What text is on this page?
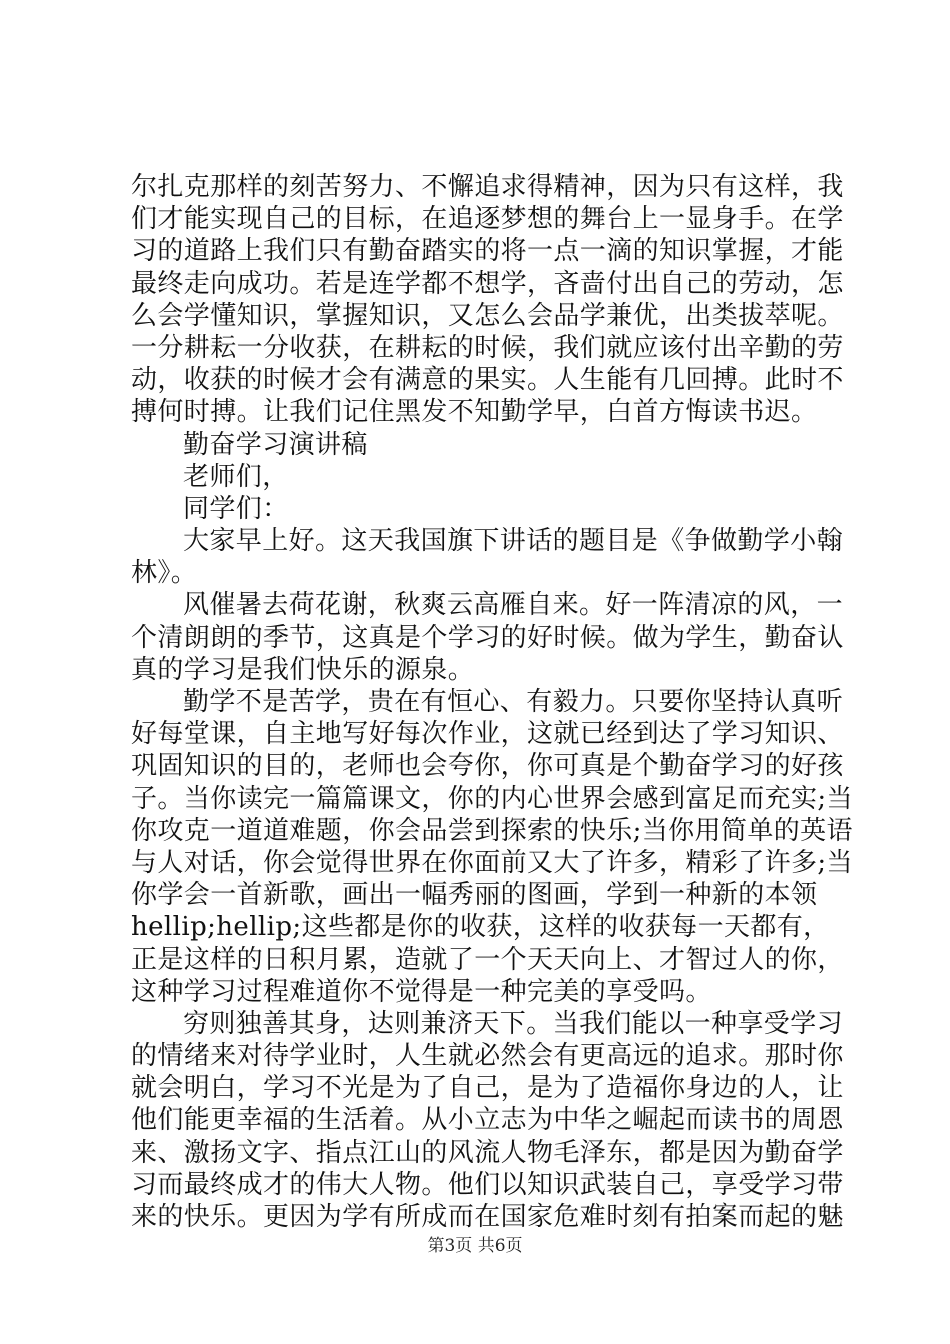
尔扎克那样的刻苦努力、不懈追求得精神，因为只有这样，我
们才能实现自己的目标，在追逐梦想的舞台上一显身手。在学
习的道路上我们只有勤奋踏实的将一点一滴的知识掌握，才能
最终走向成功。若是连学都不想学，吝啬付出自己的劳动，怎
么会学懂知识，掌握知识，又怎么会品学兼优，出类拔萃呢。
一分耕耘一分收获，在耕耘的时候，我们就应该付出辛勤的劳
动，收获的时候才会有满意的果实。人生能有几回搏。此时不
搏何时搏。让我们记住黑发不知勤学早，白首方悔读书迟。
勤奋学习演讲稿
老师们，
同学们：
大家早上好。这天我国旗下讲话的题目是《争做勤学小翰
林》。
风催暑去荷花谢，秋爽云高雁自来。好一阵清凉的风，一
个清朗朗的季节，这真是个学习的好时候。做为学生，勤奋认
真的学习是我们快乐的源泉。
勤学不是苦学，贵在有恒心、有毅力。只要你坚持认真听
好每堂课，自主地写好每次作业，这就已经到达了学习知识、
巩固知识的目的，老师也会夸你，你可真是个勤奋学习的好孩
子。当你读完一篇篇课文，你的内心世界会感到富足而充实;当
你攻克一道道难题，你会品尝到探索的快乐;当你用简单的英语
与人对话，你会觉得世界在你面前又大了许多，精彩了许多;当
你学会一首新歌，画出一幅秀丽的图画，学到一种新的本领
hellip;hellip;这些都是你的收获，这样的收获每一天都有，
正是这样的日积月累，造就了一个天天向上、才智过人的你，
这种学习过程难道你不觉得是一种完美的享受吗。
穷则独善其身，达则兼济天下。当我们能以一种享受学习
的情绪来对待学业时，人生就必然会有更高远的追求。那时你
就会明白，学习不光是为了自己，是为了造福你身边的人，让
他们能更幸福的生活着。从小立志为中华之崛起而读书的周恩
来、激扬文字、指点江山的风流人物毛泽东，都是因为勤奋学
习而最终成才的伟大人物。他们以知识武装自己，享受学习带
来的快乐。更因为学有所成而在国家危难时刻有拍案而起的魅
第3页 共6页
